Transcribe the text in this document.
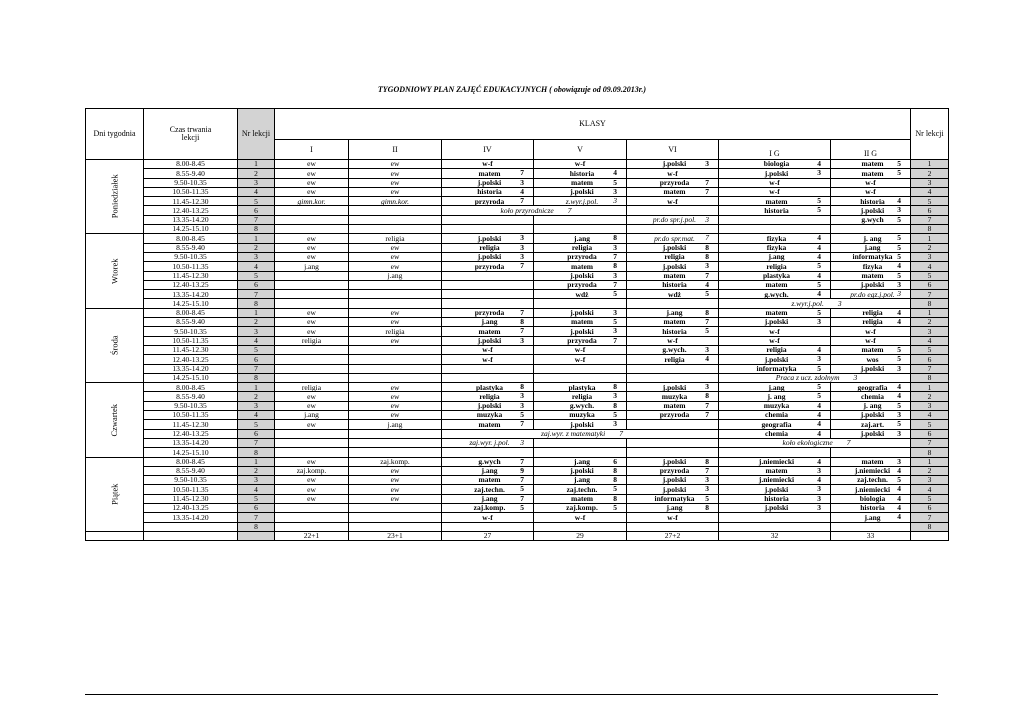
TYGODNIOWY PLAN ZAJĘĆ EDUKACYJNYCH ( obowiązuje od 09.09.2013r.)
Dni tygodnia	Czas trwania lekcji	Nr lekcji	KLASY							Nr lekcji
			I	II	IV	V	VI	I G	II G	
Poniedziałek	8.00-8.45	1	ew	ew	w-f	w-f	j.polski 3	biologia 4	matem 5	1
	8.55-9.40	2	ew	ew	matem 7	historia 4	w-f	j.polski 3	matem 5	2
	9.50-10.35	3	ew	ew	j.polski 3	matem 5	przyroda 7	w-f	w-f	3
	10.50-11.35	4	ew	ew	historia 4	j.polski 3	matem 7	w-f	w-f	4
	11.45-12.30	5	gimn.kor.	gimn.kor.	przyroda 7	z.wyr.j.pol. 3	w-f	matem 5	historia 4	5
	12.40-13.25	6			koło przyrodnicze 7			historia 5	j.polski 3	6
	13.35-14.20	7					pr.do spr.j.pol. 3		g.wych 5	7
	14.25-15.10	8								8
Wtorek	8.00-8.45	1	ew	religia	j.polski 3	j.ang 8	pr.do spr.mat. 7	fizyka 4	j. ang 5	1
	8.55-9.40	2	ew	ew	religia 3	religia 3	j.polski 8	fizyka 4	j.ang 5	2
	9.50-10.35	3	ew	ew	j.polski 3	przyroda 7	religia 8	j.ang 4	informatyka 5	3
	10.50-11.35	4	j.ang	ew	przyroda 7	matem 8	j.polski 3	religia 5	fizyka 4	4
	11.45-12.30	5		j.ang		j.polski 3	matem 7	plastyka 4	matem 5	5
	12.40-13.25	6				przyroda 7	historia 4	matem 5	j.polski 3	6
	13.35-14.20	7				wdż 5	wdż 5	g.wych. 4	pr.do egz.j.pol. 3	7
	14.25-15.10	8						z.wyr.j.pol. 3		8
Środa	8.00-8.45	1	ew	ew	przyroda 7	j.polski 3	j.ang 8	matem 5	religia 4	1
	8.55-9.40	2	ew	ew	j.ang 8	matem 5	matem 7	j.polski 3	religia 4	2
	9.50-10.35	3	ew	religia	matem 7	j.polski 3	historia 5	w-f	w-f	3
	10.50-11.35	4	religia	ew	j.polski 3	przyroda 7	w-f	w-f	w-f	4
	11.45-12.30	5			w-f	w-f	g.wych. 3	religia 4	matem 5	5
	12.40-13.25	6			w-f	w-f	religia 4	j.polski 3	wos 5	6
	13.35-14.20	7						informatyka 5	j.polski 3	7
	14.25-15.10	8						Praca z ucz. zdolnym 3		8
Czwartek	8.00-8.45	1	religia	ew	plastyka 8	plastyka 8	j.polski 3	j.ang 5	geografia 4	1
	8.55-9.40	2	ew	ew	religia 3	religia 3	muzyka 8	j. ang 5	chemia 4	2
	9.50-10.35	3	ew	ew	j.polski 3	g.wych. 8	matem 7	muzyka 4	j. ang 5	3
	10.50-11.35	4	j.ang	ew	muzyka 5	muzyka 5	przyroda 7	chemia 4	j.polski 3	4
	11.45-12.30	5	ew	j.ang	matem 7	j.polski 3		geografia 4	zaj.art. 5	5
	12.40-13.25	6			zaj.wyr. z matematyki 7			chemia 4	j.polski 3	6
	13.35-14.20	7			zaj.wyr. j.pol. 3			koło ekologiczne 7		7
	14.25-15.10	8								8
Piątek	8.00-8.45	1	ew	zaj.komp.	g.wych 7	j.ang 6	j.polski 8	j.niemiecki 4	matem 3	1
	8.55-9.40	2	zaj.komp.	ew	j.ang 9	j.polski 8	przyroda 7	matem 3	j.niemiecki 4	2
	9.50-10.35	3	ew	ew	matem 7	j.ang 8	j.polski 3	j.niemiecki 4	zaj.techn. 5	3
	10.50-11.35	4	ew	ew	zaj.techn. 5	zaj.techn. 5	j.polski 3	j.polski 3	j.niemiecki 4	4
	11.45-12.30	5	ew	ew	j.ang 7	matem 8	informatyka 5	historia 3	biologia 4	5
	12.40-13.25	6			zaj.komp. 5	zaj.komp. 5	j.ang 8	j.polski 3	historia 4	6
	13.35-14.20	7			w-f	w-f	w-f		j.ang 4	7
		8								8
			22+1	23+1	27	29	27+2	32	33	
